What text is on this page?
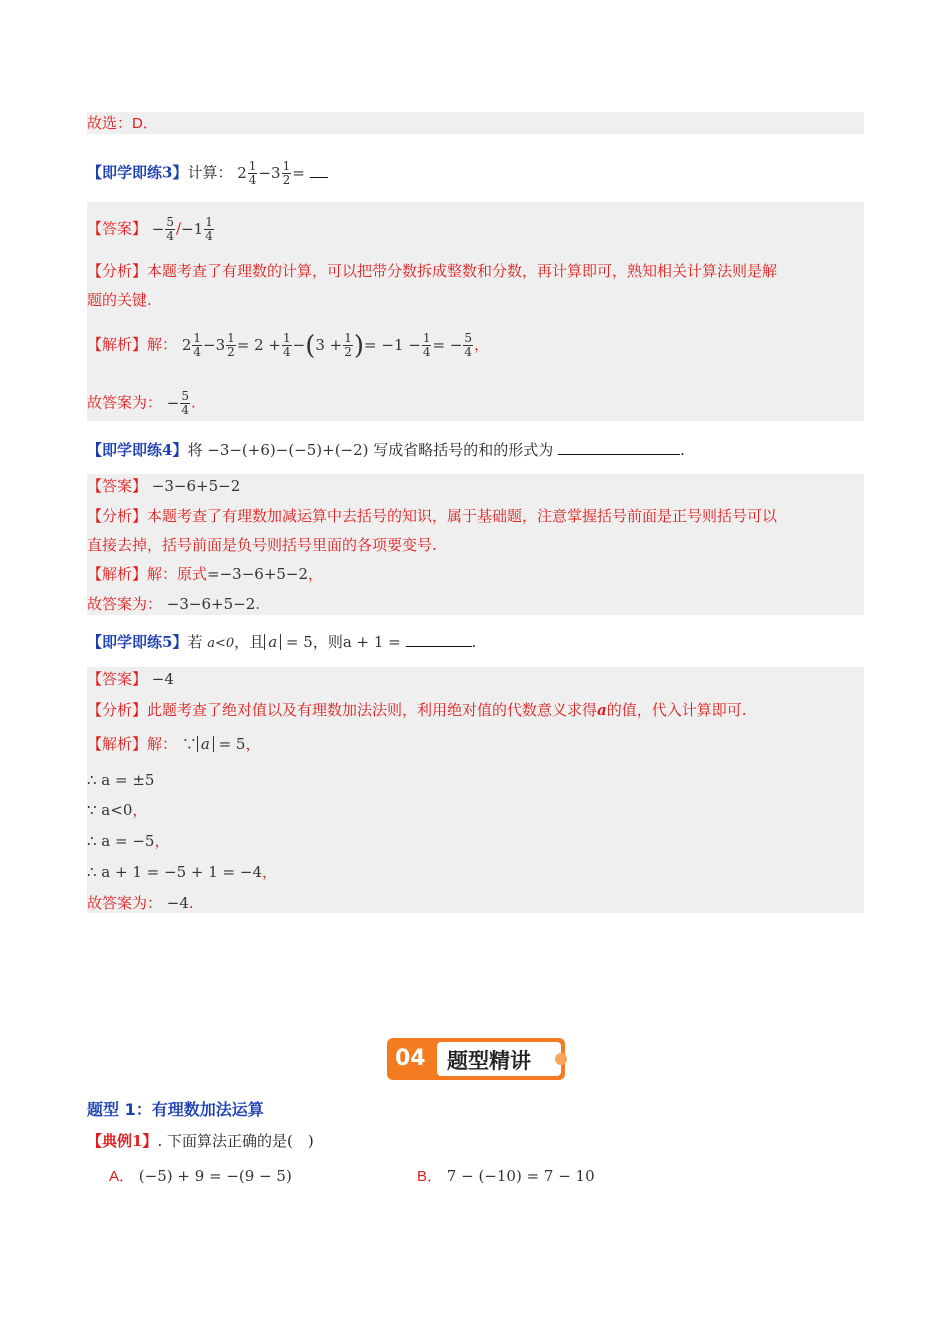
故选：D．
【即学即练3】计算： $2 \frac{1}{4} -3 \frac{1}{2}$ =
【答案】 − $\frac{5}{4} /-1 \frac{1}{4}$
【分析】本题考查了有理数的计算，可以把带分数拆成整数和分数，再计算即可，熟知相关计算法则是解
题的关键.
【解析】解： $2 \frac{1}{4} -3 \frac{1}{2} = 2 + \frac{1}{4} -(3 + \frac{1}{2}$ )= $-1 - \frac{1}{4}$ = − $\frac{5}{4}$ ，
故答案为： − $\frac{5}{4}$ .
【即学即练4】将 −3−(+6)−(−5)+(−2) 写成省略括号的和的形式为	.
【答案】 −3−6+5−2
【分析】本题考查了有理数加减运算中去括号的知识，属于基础题，注意掌握括号前面是正号则括号可以
直接去掉，括号前面是负号则括号里面的各项要变号.
【解析】解：原式=−3−6+5−2，
故答案为： −3−6+5−2.
【即学即练5】若 a<0，且 a = 5，则a + 1 =	.
【答案】 −4
【分析】此题考查了绝对值以及有理数加法法则，利用绝对值的代数意义求得a的值，代入计算即可.
【解析】解： ∵ a = 5，
∴ a = ±5
∵ a<0，
∴ a = −5，
∴ a + 1 = −5 + 1 = −4，
故答案为： −4.
04 题型精讲
题型 1：有理数加法运算
【典例1】. 下面算法正确的是(　)
A． (−5) + 9 = −(9 − 5)	B． 7 − (−10) = 7 − 10
